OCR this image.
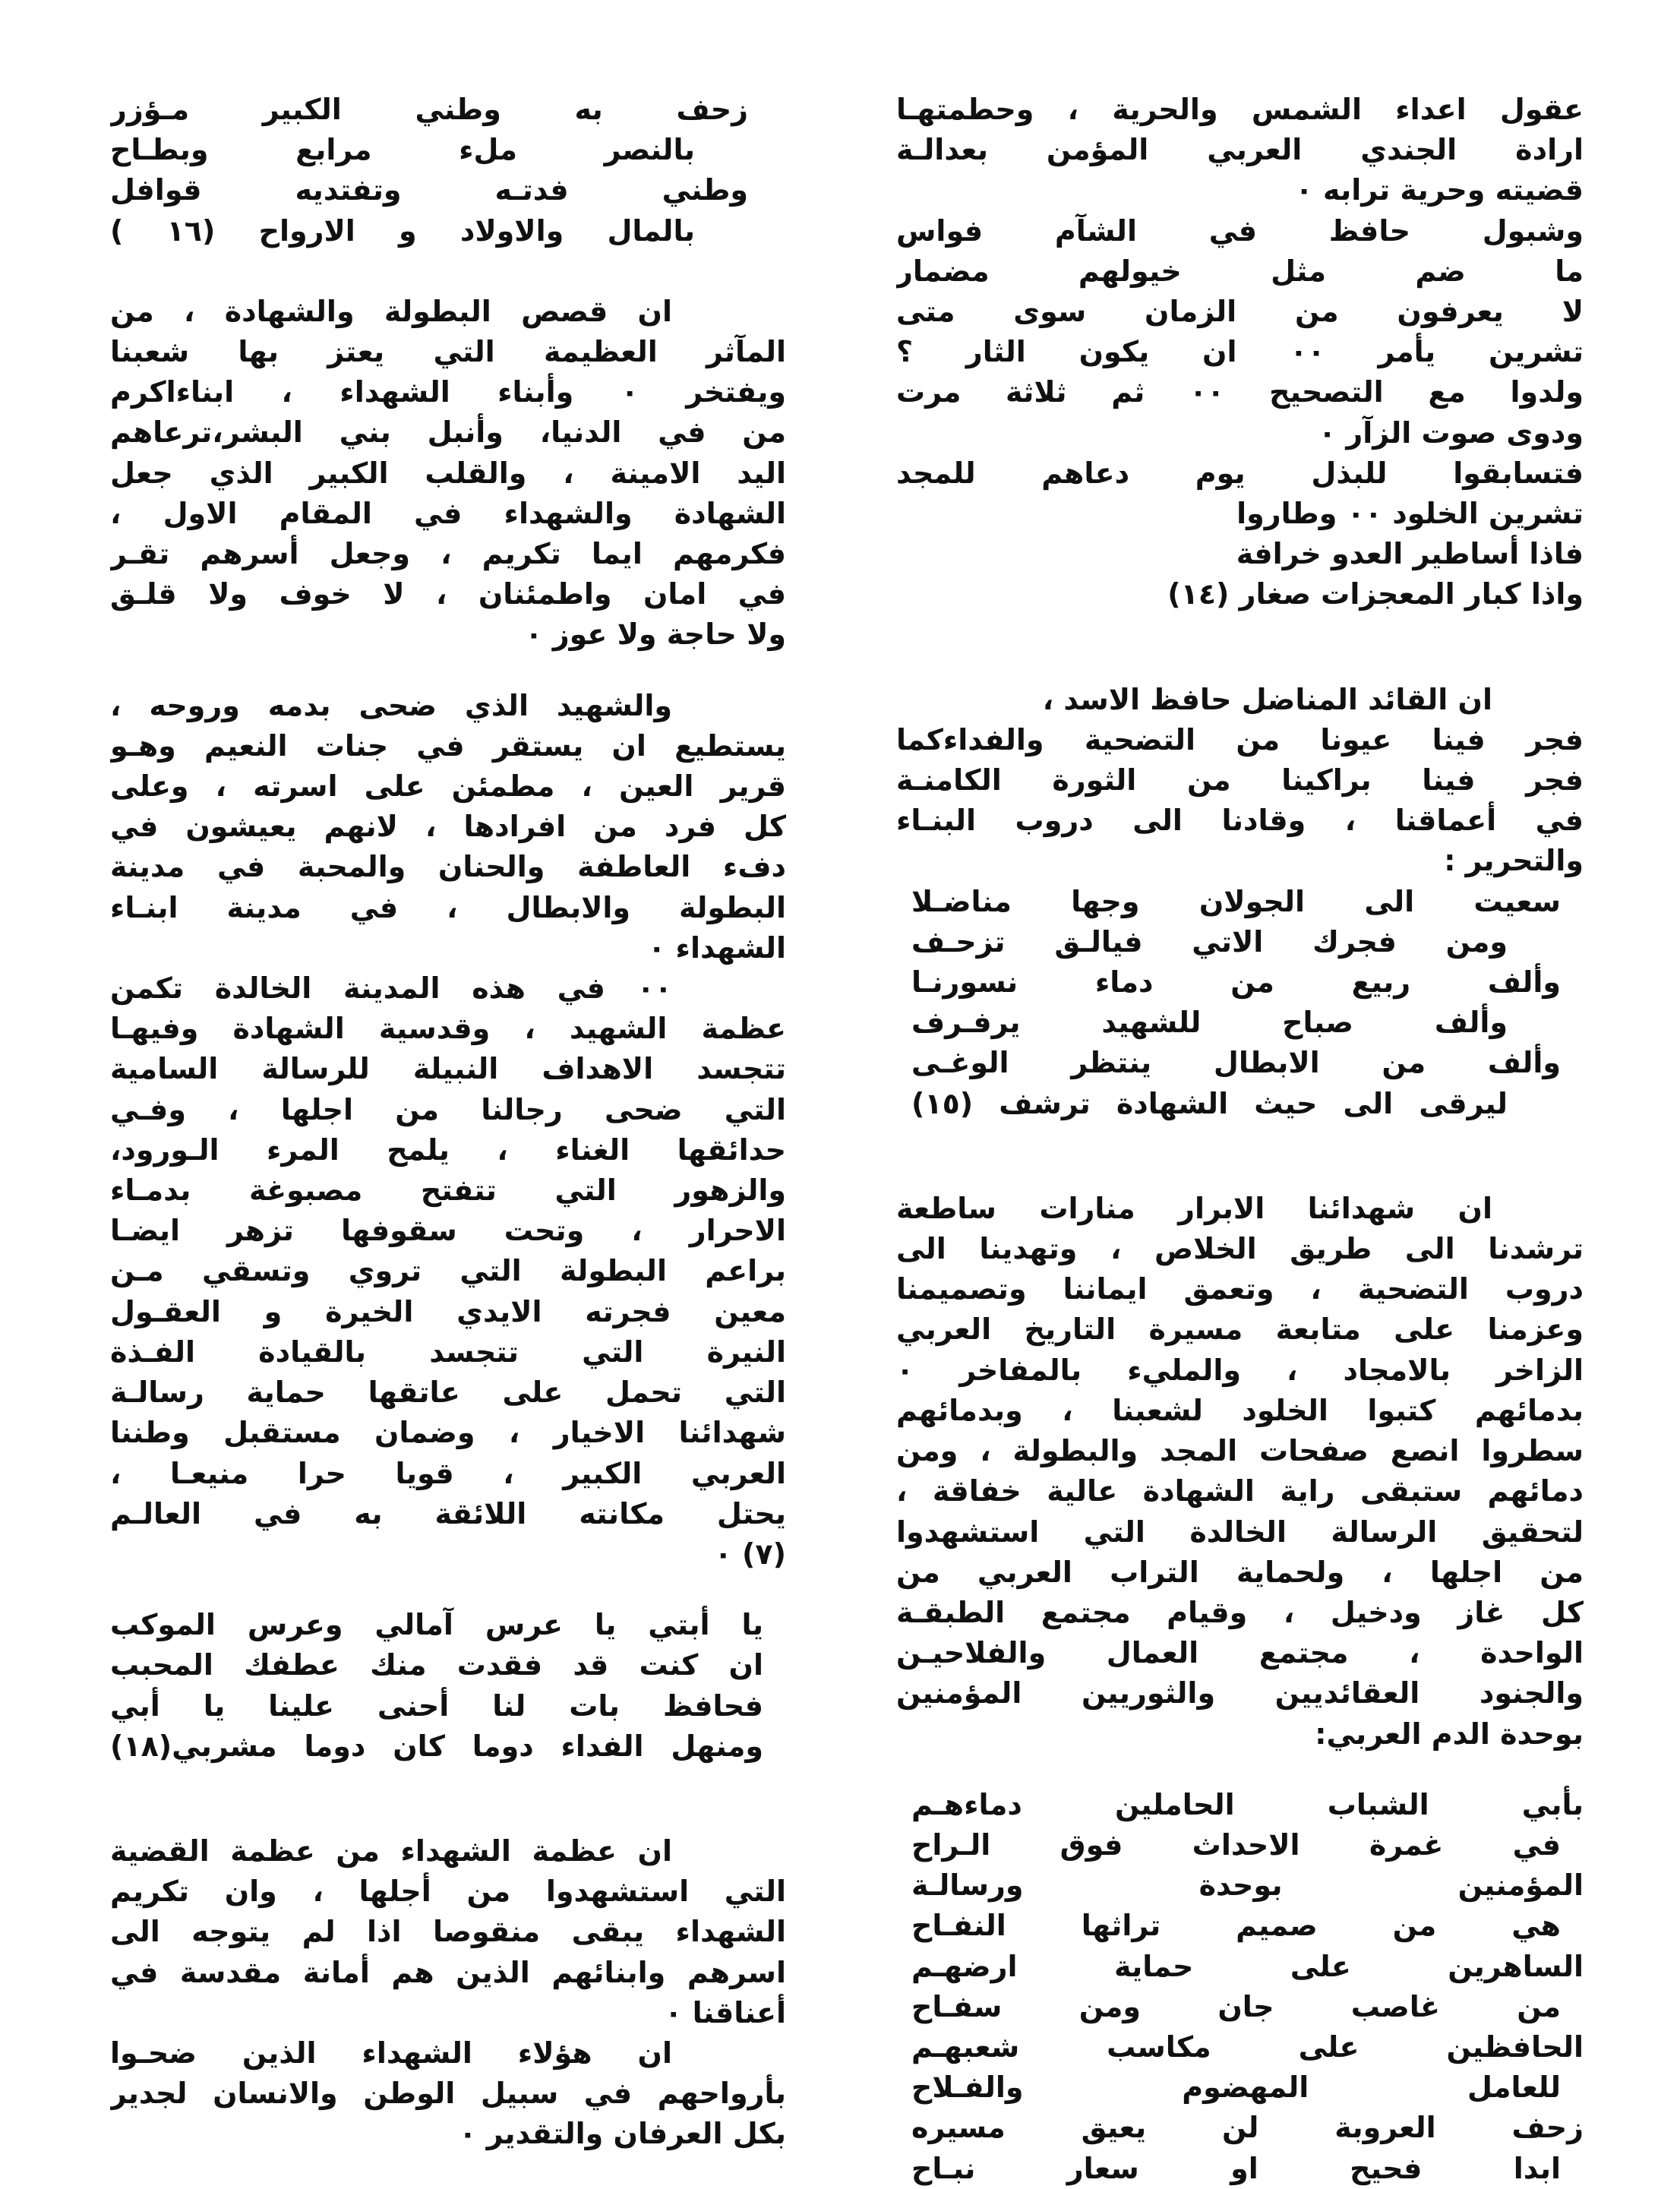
عقول اعداء الشمس والحرية ، وحطمتهـا
ارادة الجندي العربي المؤمن بعدالـة
قضيته وحرية ترابه ٠
وشبول حافظ في الشآم فواس
ما ضم مثل خيولهم مضمار
لا يعرفون من الزمان سوى متى
تشرين يأمر ٠٠ ان يكون الثار ؟
ولدوا مع التصحيح ٠٠ ثم ثلاثة مرت
ودوى صوت الزآر ٠
فتسابقوا للبذل يوم دعاهم للمجد
تشرين الخلود ٠٠ وطاروا
فاذا أساطير العدو خرافة
واذا كبار المعجزات صغار (١٤)
ان القائد المناضل حافظ الاسد ،
فجر فينا عيونا من التضحية والفداءكما
فجر فينا براكينا من الثورة الكامنـة
في أعماقنا ، وقادنا الى دروب البنـاء
والتحرير :
سعيت الى الجولان وجها مناضـلا
ومن فجرك الاتي فيالـق تزحـف
وألف ربيع من دماء نسورنـا
وألف صباح للشهيد يرفـرف
وألف من الابطال ينتظر الوغـى
ليرقى الى حيث الشهادة ترشف (١٥)
ان شهدائنا الابرار منارات ساطعة
ترشدنا الى طريق الخلاص ، وتهدينا الى
دروب التضحية ، وتعمق ايماننا وتصميمنا
وعزمنا على متابعة مسيرة التاريخ العربي
الزاخر بالامجاد ، والمليء بالمفاخر ٠
بدمائهم كتبوا الخلود لشعبنا ، وبدمائهم
سطروا انصع صفحات المجد والبطولة ، ومن
دمائهم ستبقى راية الشهادة عالية خفاقة ،
لتحقيق الرسالة الخالدة التي استشهدوا
من اجلها ، ولحماية التراب العربي من
كل غاز ودخيل ، وقيام مجتمع الطبقـة
الواحدة ، مجتمع العمال والفلاحيـن
والجنود العقائديين والثوريين المؤمنين
بوحدة الدم العربي:
بأبي الشباب الحاملين دماءهـم
في غمرة الاحداث فوق الـراح
المؤمنين بوحدة ورسالـة
هي من صميم تراثها النفـاح
الساهرين على حماية ارضهـم
من غاصب جان ومن سفـاح
الحافظين على مكاسب شعبهـم
للعامل المهضوم والفـلاح
زحف العروبة لن يعيق مسيره
ابدا فحيح او سعار نبـاح
زحف به وطني الكبير مـؤزر
بالنصر ملء مرابع وبطـاح
وطني فدتـه وتفتديه قوافل
بالمال والاولاد و الارواح (١٦ )
ان قصص البطولة والشهادة ، من
المآثر العظيمة التي يعتز بها شعبنا
ويفتخر ٠ وأبناء الشهداء ، ابناءاكرم
من في الدنيا، وأنبل بني البشر،ترعاهم
اليد الامينة ، والقلب الكبير الذي جعل
الشهادة والشهداء في المقام الاول ،
فكرمهم ايما تكريم ، وجعل أسرهم تقـر
في امان واطمئنان ، لا خوف ولا قلـق
ولا حاجة ولا عوز ٠
والشهيد الذي ضحى بدمه وروحه ،
يستطيع ان يستقر في جنات النعيم وهـو
قرير العين ، مطمئن على اسرته ، وعلى
كل فرد من افرادها ، لانهم يعيشون في
دفء العاطفة والحنان والمحبة في مدينة
البطولة والابطال ، في مدينة ابنـاء
الشهداء ٠
٠٠ في هذه المدينة الخالدة تكمن
عظمة الشهيد ، وقدسية الشهادة وفيهـا
تتجسد الاهداف النبيلة للرسالة السامية
التي ضحى رجالنا من اجلها ، وفـي
حدائقها الغناء ، يلمح المرء الـورود،
والزهور التي تتفتح مصبوغة بدمـاء
الاحرار ، وتحت سقوفها تزهر ايضـا
براعم البطولة التي تروي وتسقي مـن
معين فجرته الايدي الخيرة و العقـول
النيرة التي تتجسد بالقيادة الفـذة
التي تحمل على عاتقها حماية رسالـة
شهدائنا الاخيار ، وضمان مستقبل وطننا
العربي الكبير ، قويا حرا منيعـا ،
يحتل مكانته اللائقة به في العالـم
(٧) ٠
يا أبتي يا عرس آمالي وعرس الموكب
ان كنت قد فقدت منك عطفك المحبب
فحافظ بات لنا أحنى علينا يا أبي
ومنهل الفداء دوما كان دوما مشربي(١٨)
ان عظمة الشهداء من عظمة القضية
التي استشهدوا من أجلها ، وان تكريم
الشهداء يبقى منقوصا اذا لم يتوجه الى
اسرهم وابنائهم الذين هم أمانة مقدسة في
أعناقنا ٠
ان هؤلاء الشهداء الذين ضحـوا
بأرواحهم في سبيل الوطن والانسان لجدير
بكل العرفان والتقدير ٠
